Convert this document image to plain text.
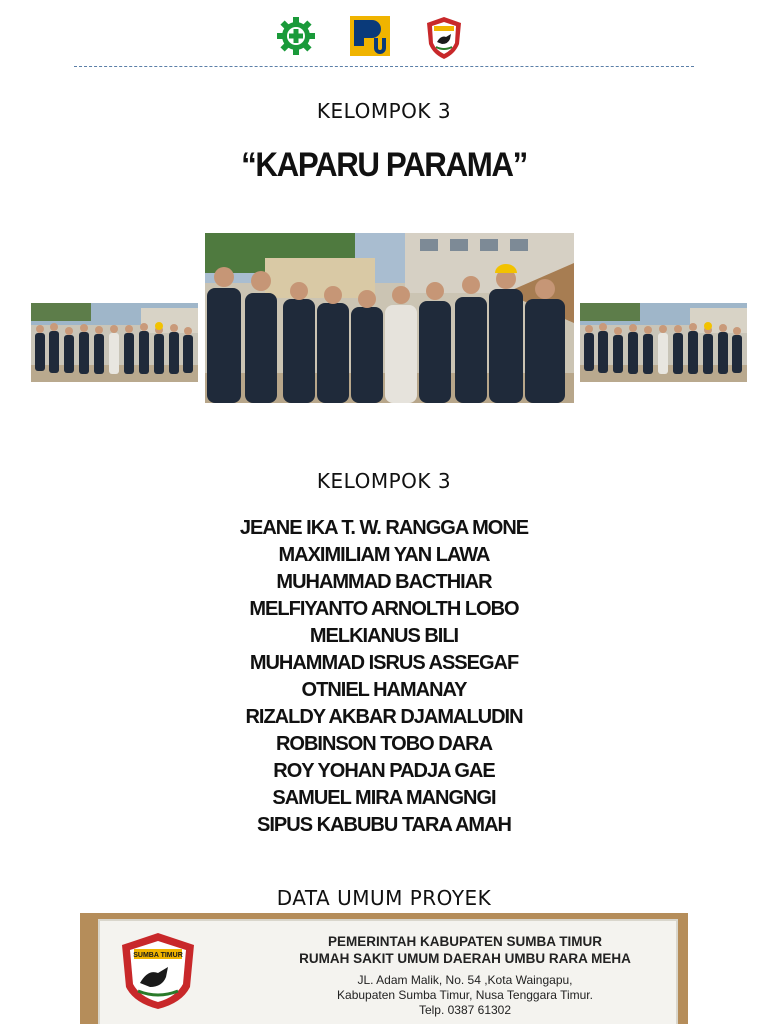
KELOMPOK 3
“KAPARU PARAMA”
KELOMPOK 3
JEANE IKA T. W. RANGGA MONE
MAXIMILIAM YAN LAWA
MUHAMMAD BACTHIAR
MELFIYANTO ARNOLTH LOBO
MELKIANUS BILI
MUHAMMAD ISRUS ASSEGAF
OTNIEL HAMANAY
RIZALDY AKBAR DJAMALUDIN
ROBINSON TOBO DARA
ROY YOHAN PADJA GAE
SAMUEL MIRA MANGNGI
SIPUS KABUBU TARA AMAH
DATA UMUM PROYEK
SUMBA TIMUR
PEMERINTAH KABUPATEN SUMBA TIMUR
RUMAH SAKIT UMUM DAERAH UMBU RARA MEHA
JL. Adam Malik, No. 54 ,Kota Waingapu,
Kabupaten Sumba Timur, Nusa Tenggara Timur.
Telp. 0387 61302
